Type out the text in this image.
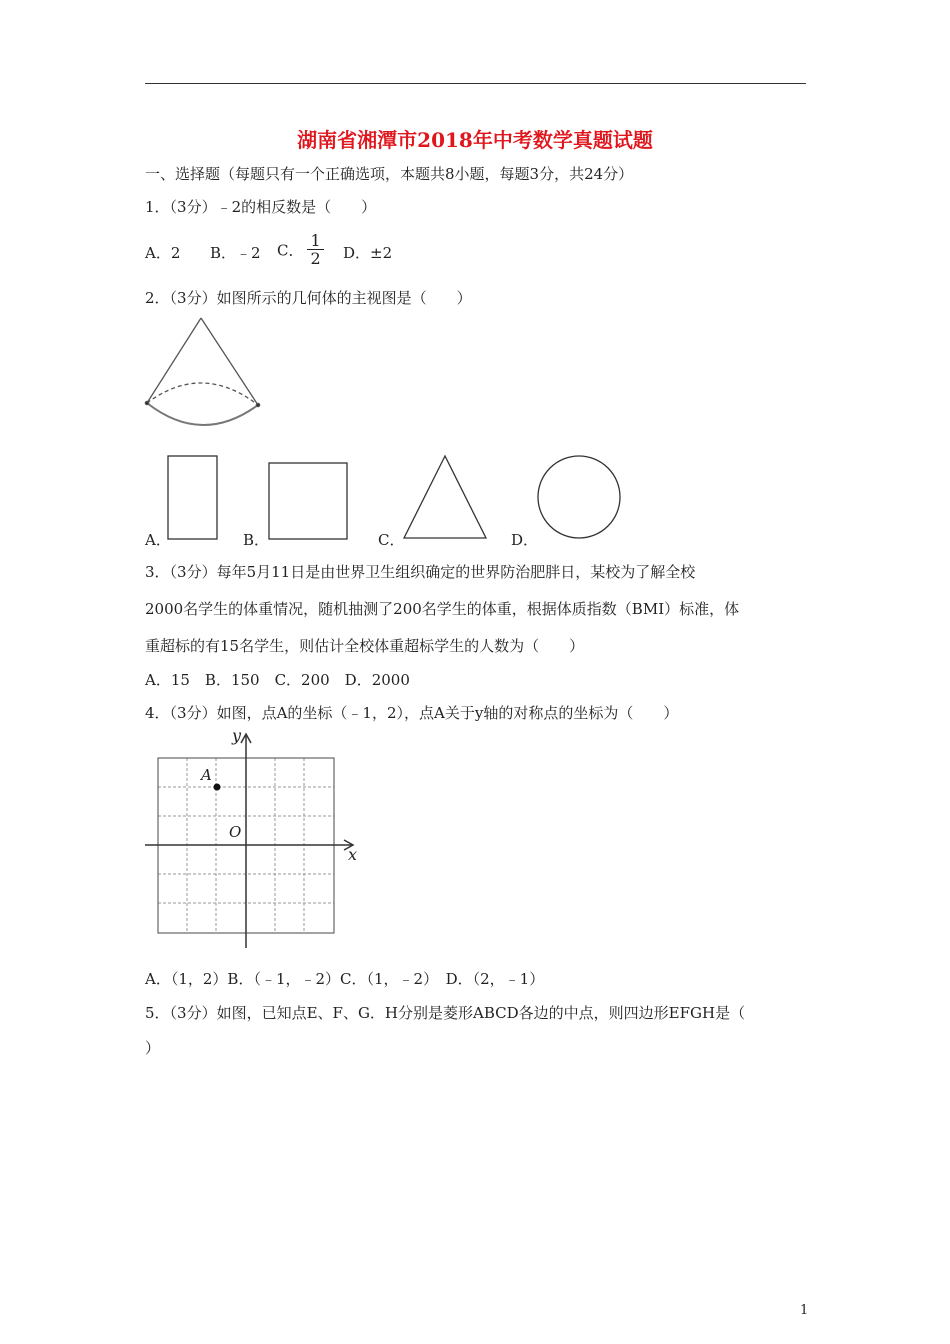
湖南省湘潭市2018年中考数学真题试题
一、选择题（每题只有一个正确选项，本题共8小题，每题3分，共24分）
1．（3分）﹣2的相反数是（　　）
A．2 B．﹣2 C． $\frac{1}{2}$ D．±2
2．（3分）如图所示的几何体的主视图是（　　）
A．	B．	C．	D．
3．（3分）每年5月11日是由世界卫生组织确定的世界防治肥胖日，某校为了解全校
2000名学生的体重情况，随机抽测了200名学生的体重，根据体质指数（BMI）标准，体
重超标的有15名学生，则估计全校体重超标学生的人数为（　　）
A．15　B．150　C．200　D．2000
4．（3分）如图，点A的坐标（﹣1，2），点A关于y轴的对称点的坐标为（　　）
y
x
A
O
A．（1，2）B．（﹣1，﹣2）C．（1，﹣2）　D．（2，﹣1）
5．（3分）如图，已知点E、F、G．H分别是菱形ABCD各边的中点，则四边形EFGH是（
）
1
